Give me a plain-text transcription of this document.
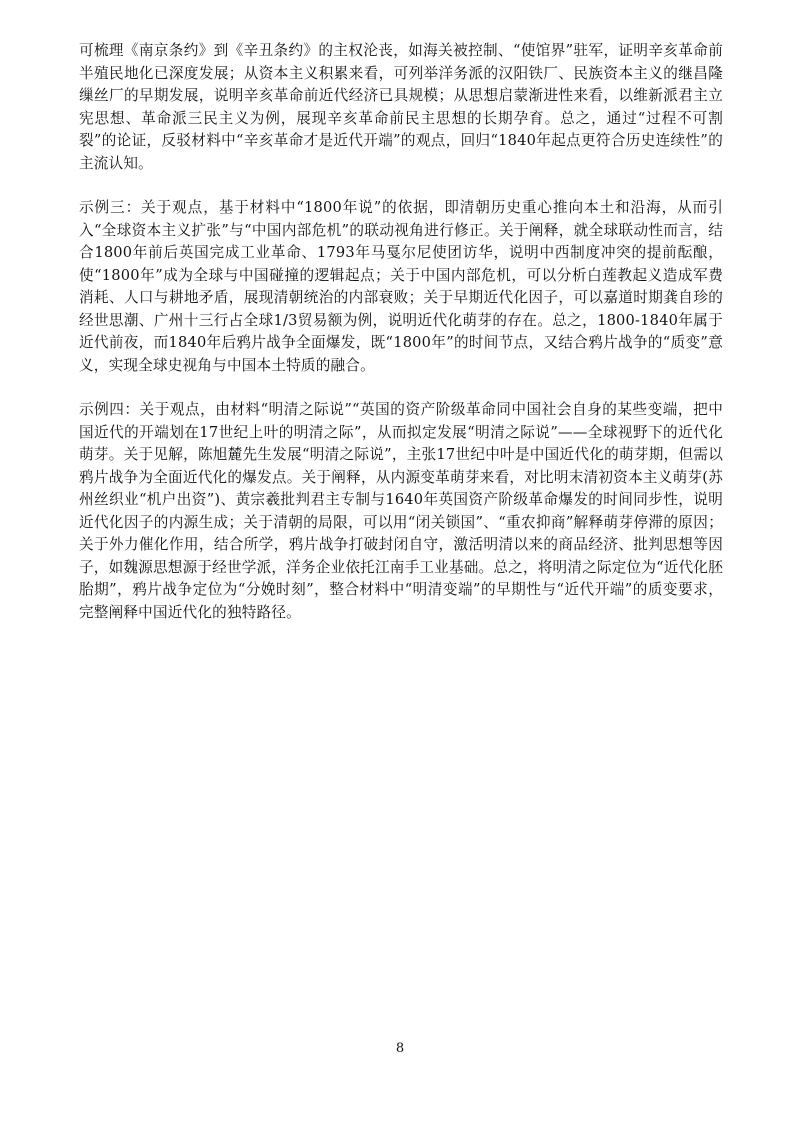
可梳理《南京条约》到《辛丑条约》的主权沦丧，如海关被控制、“使馆界”驻军，证明辛亥革命前半殖民地化已深度发展；从资本主义积累来看，可列举洋务派的汉阳铁厂、民族资本主义的继昌隆缫丝厂的早期发展，说明辛亥革命前近代经济已具规模；从思想启蒙渐进性来看，以维新派君主立宪思想、革命派三民主义为例，展现辛亥革命前民主思想的长期孕育。总之，通过“过程不可割裂”的论证，反驳材料中“辛亥革命才是近代开端”的观点，回归“1840年起点更符合历史连续性”的主流认知。

示例三：关于观点，基于材料中“1800年说”的依据，即清朝历史重心推向本土和沿海，从而引入“全球资本主义扩张”与“中国内部危机”的联动视角进行修正。关于阐释，就全球联动性而言，结合1800年前后英国完成工业革命、1793年马戛尔尼使团访华，说明中西制度冲突的提前酝酿，使“1800年”成为全球与中国碰撞的逻辑起点；关于中国内部危机，可以分析白莲教起义造成军费消耗、人口与耕地矛盾，展现清朝统治的内部衰败；关于早期近代化因子，可以嘉道时期龚自珍的经世思潮、广州十三行占全球1/3贸易额为例，说明近代化萌芽的存在。总之，1800-1840年属于近代前夜，而1840年后鸦片战争全面爆发，既“1800年”的时间节点，又结合鸦片战争的“质变”意义，实现全球史视角与中国本土特质的融合。

示例四：关于观点，由材料“明清之际说”“英国的资产阶级革命同中国社会自身的某些变端，把中国近代的开端划在17世纪上叶的明清之际”，从而拟定发展“明清之际说”——全球视野下的近代化萌芽。关于见解，陈旭麓先生发展“明清之际说”，主张17世纪中叶是中国近代化的萌芽期，但需以鸦片战争为全面近代化的爆发点。关于阐释，从内源变革萌芽来看，对比明末清初资本主义萌芽(苏州丝织业“机户出资”)、黄宗羲批判君主专制与1640年英国资产阶级革命爆发的时间同步性，说明近代化因子的内源生成；关于清朝的局限，可以用“闭关锁国”、“重农抑商”解释萌芽停滞的原因；关于外力催化作用，结合所学，鸦片战争打破封闭自守，激活明清以来的商品经济、批判思想等因子，如魏源思想源于经世学派，洋务企业依托江南手工业基础。总之，将明清之际定位为“近代化胚胎期”，鸦片战争定位为“分娩时刻”，整合材料中“明清变端”的早期性与“近代开端”的质变要求，完整阐释中国近代化的独特路径。

8
